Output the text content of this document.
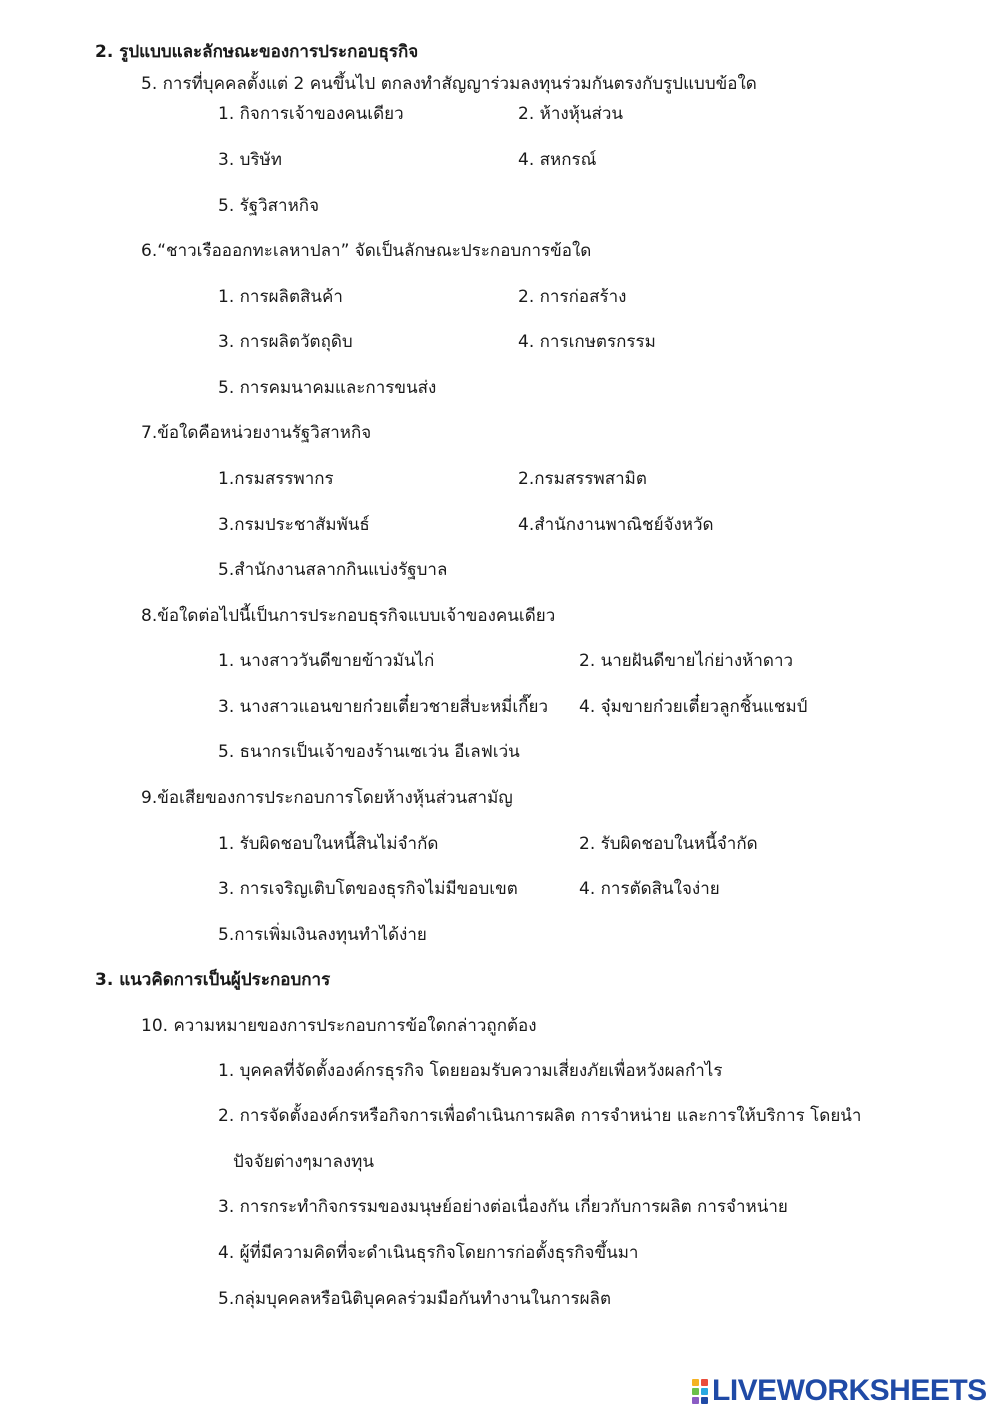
2. รูปแบบและลักษณะของการประกอบธุรกิจ
5. การที่บุคคลตั้งแต่ 2 คนขึ้นไป ตกลงทำสัญญาร่วมลงทุนร่วมกันตรงกับรูปแบบข้อใด
1. กิจการเจ้าของคนเดียว	2. ห้างหุ้นส่วน
3. บริษัท	4. สหกรณ์
5. รัฐวิสาหกิจ
6.“ชาวเรือออกทะเลหาปลา” จัดเป็นลักษณะประกอบการข้อใด
1. การผลิตสินค้า	2. การก่อสร้าง
3. การผลิตวัตถุดิบ	4. การเกษตรกรรม
5. การคมนาคมและการขนส่ง
7.ข้อใดคือหน่วยงานรัฐวิสาหกิจ
1.กรมสรรพากร	2.กรมสรรพสามิต
3.กรมประชาสัมพันธ์	4.สำนักงานพาณิชย์จังหวัด
5.สำนักงานสลากกินแบ่งรัฐบาล
8.ข้อใดต่อไปนี้เป็นการประกอบธุรกิจแบบเจ้าของคนเดียว
1. นางสาววันดีขายข้าวมันไก่	2. นายฝันดีขายไก่ย่างห้าดาว
3. นางสาวแอนขายก๋วยเตี๋ยวชายสี่บะหมี่เกี๊ยว 4. จุ๋มขายก๋วยเตี๋ยวลูกชิ้นแชมป์
5. ธนากรเป็นเจ้าของร้านเซเว่น อีเลฟเว่น
9.ข้อเสียของการประกอบการโดยห้างหุ้นส่วนสามัญ
1. รับผิดชอบในหนี้สินไม่จำกัด	2. รับผิดชอบในหนี้จำกัด
3. การเจริญเติบโตของธุรกิจไม่มีขอบเขต	4. การตัดสินใจง่าย
5.การเพิ่มเงินลงทุนทำได้ง่าย
3. แนวคิดการเป็นผู้ประกอบการ
10. ความหมายของการประกอบการข้อใดกล่าวถูกต้อง
1. บุคคลที่จัดตั้งองค์กรธุรกิจ โดยยอมรับความเสี่ยงภัยเพื่อหวังผลกำไร
2. การจัดตั้งองค์กรหรือกิจการเพื่อดำเนินการผลิต การจำหน่าย และการให้บริการ โดยนำ
ปัจจัยต่างๆมาลงทุน
3. การกระทำกิจกรรมของมนุษย์อย่างต่อเนื่องกัน เกี่ยวกับการผลิต การจำหน่าย
4. ผู้ที่มีความคิดที่จะดำเนินธุรกิจโดยการก่อตั้งธุรกิจขึ้นมา
5.กลุ่มบุคคลหรือนิติบุคคลร่วมมือกันทำงานในการผลิต
LIVEWORKSHEETS
